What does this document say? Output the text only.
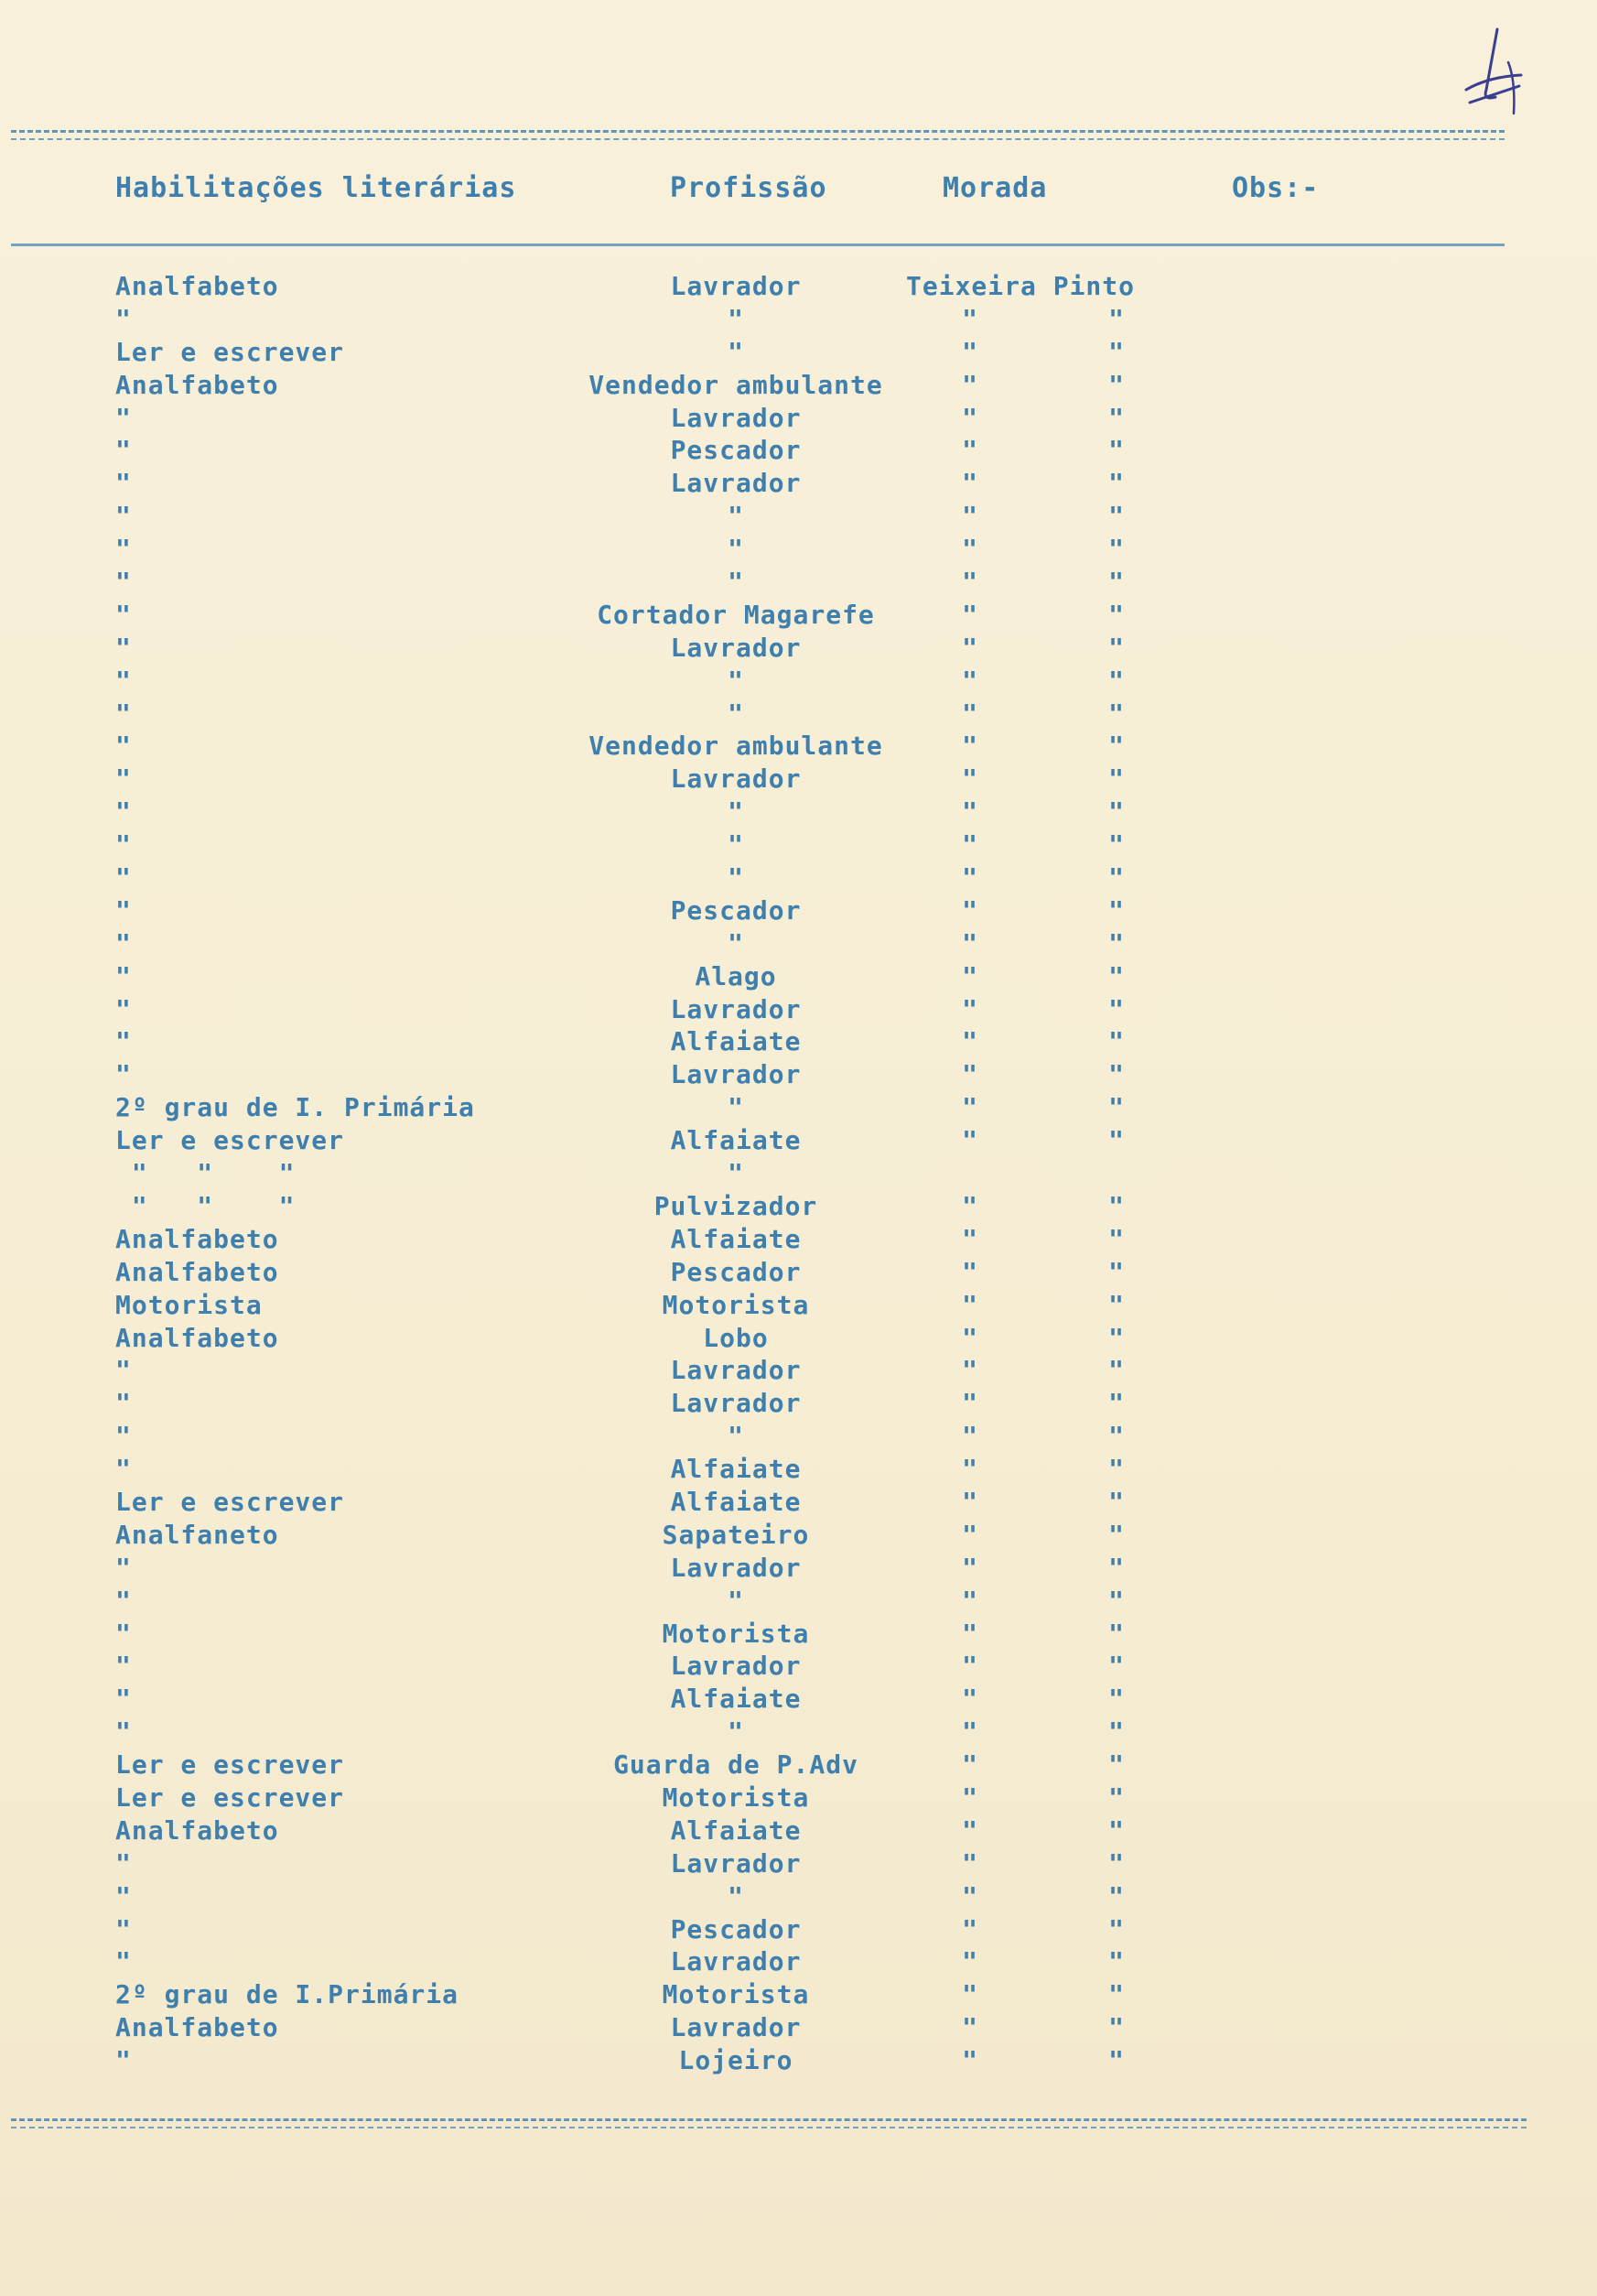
Habilitações literárias	Profissão	Morada	Obs:-
Analfabeto	Lavrador	Teixeira Pinto
"	"	"	"
Ler e escrever	"	"	"
Analfabeto	Vendedor ambulante	"	"
"	Lavrador	"	"
"	Pescador	"	"
"	Lavrador	"	"
"	"	"	"
"	"	"	"
"	"	"	"
"	Cortador Magarefe	"	"
"	Lavrador	"	"
"	"	"	"
"	"	"	"
"	Vendedor ambulante	"	"
"	Lavrador	"	"
"	"	"	"
"	"	"	"
"	"	"	"
"	Pescador	"	"
"	"	"	"
"	Alago	"	"
"	Lavrador	"	"
"	Alfaiate	"	"
"	Lavrador	"	"
2º grau de I. Primária	"	"	"
Ler e escrever	Alfaiate	"	"
"   "    "	"
"   "    "	Pulvizador	"	"
Analfabeto	Alfaiate	"	"
Analfabeto	Pescador	"	"
Motorista	Motorista	"	"
Analfabeto	Lobo	"	"
"	Lavrador	"	"
"	Lavrador	"	"
"	"	"	"
"	Alfaiate	"	"
Ler e escrever	Alfaiate	"	"
Analfaneto	Sapateiro	"	"
"	Lavrador	"	"
"	"	"	"
"	Motorista	"	"
"	Lavrador	"	"
"	Alfaiate	"	"
"	"	"	"
Ler e escrever	Guarda de P.Adv	"	"
Ler e escrever	Motorista	"	"
Analfabeto	Alfaiate	"	"
"	Lavrador	"	"
"	"	"	"
"	Pescador	"	"
"	Lavrador	"	"
2º grau de I.Primária	Motorista	"	"
Analfabeto	Lavrador	"	"
"	Lojeiro	"	"
